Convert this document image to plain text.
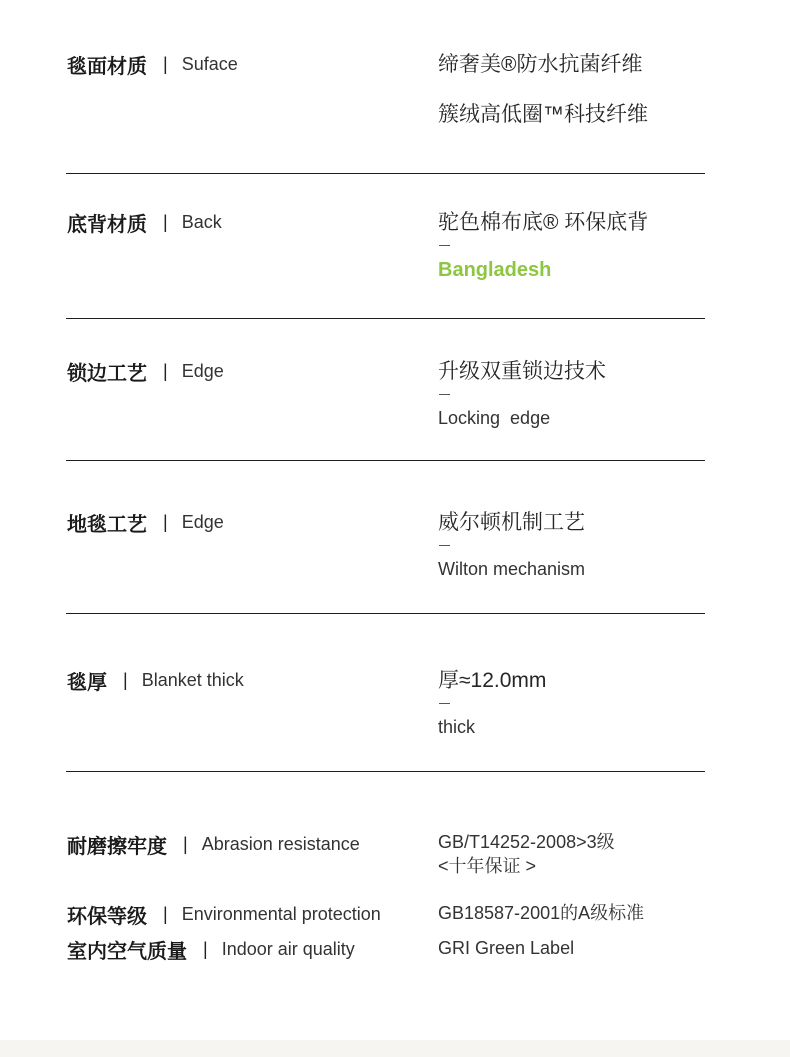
毯面材质 | Suface	缔奢美®防水抗菌纤维
簇绒高低圈™科技纤维
底背材质 | Back	驼色棉布底® 环保底背
Bangladesh
锁边工艺 | Edge	升级双重锁边技术
Locking  edge
地毯工艺 | Edge	威尔顿机制工艺
Wilton mechanism
毯厚 | Blanket thick	厚≈12.0mm
thick
耐磨擦牢度 | Abrasion resistance	GB/T14252-2008>3级
<十年保证 >
环保等级 | Environmental protection	GB18587-2001的A级标准
室内空气质量 | Indoor air quality	GRI Green Label
